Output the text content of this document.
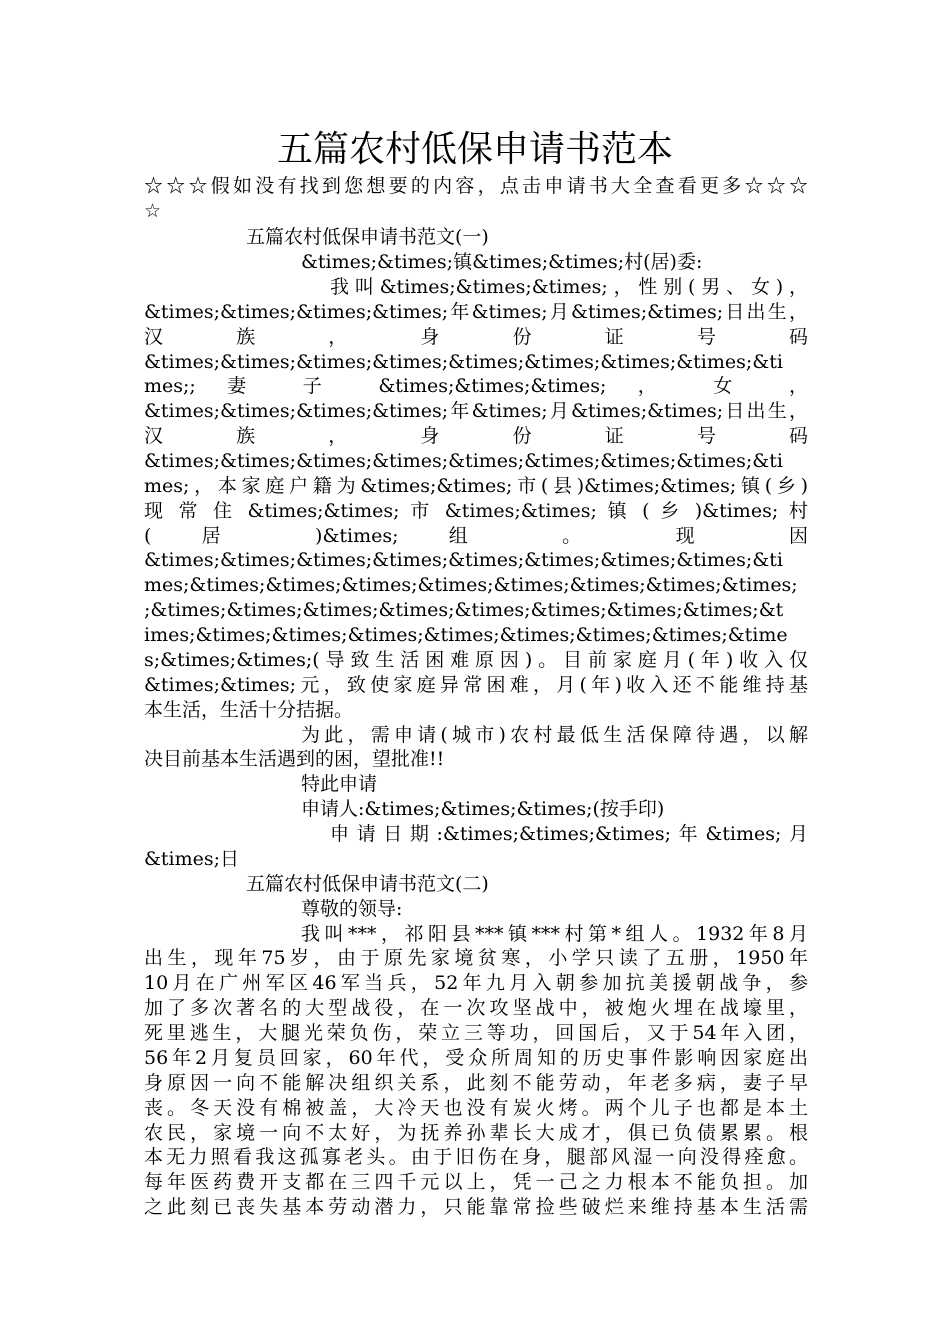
五篇农村低保申请书范本
☆☆☆假如没有找到您想要的内容，点击申请书大全查看更多☆☆☆
☆
五篇农村低保申请书范文(一)
&times;&times;镇&times;&times;村(居)委:
我叫&times;&times;&times;，性别(男、女)，
&times;&times;&times;&times;年&times;月&times;&times;日出生，
汉 族 ， 身 份 证 号 码
&times;&times;&times;&times;&times;&times;&times;&times;&ti
mes;; 妻 子 &times;&times;&times; ， 女 ，
&times;&times;&times;&times;年&times;月&times;&times;日出生，
汉 族 ， 身 份 证 号 码
&times;&times;&times;&times;&times;&times;&times;&times;&ti
mes;，本家庭户籍为&times;&times;市(县)&times;&times;镇(乡)
现 常 住 &times;&times; 市 &times;&times; 镇 ( 乡 )&times; 村
( 居 )&times; 组 。 现 因
&times;&times;&times;&times;&times;&times;&times;&times;&ti
mes;&times;&times;&times;&times;&times;&times;&times;&times;
;&times;&times;&times;&times;&times;&times;&times;&times;&t
imes;&times;&times;&times;&times;&times;&times;&times;&time
s;&times;&times;(导致生活困难原因)。目前家庭月(年)收入仅
&times;&times;元，致使家庭异常困难，月(年)收入还不能维持基
本生活，生活十分拮据。
为此，需申请(城市)农村最低生活保障待遇，以解
决目前基本生活遇到的困，望批准!!
特此申请
申请人:&times;&times;&times;(按手印)
申请日期:&times;&times;&times;年&times;月
&times;日
五篇农村低保申请书范文(二)
尊敬的领导:
我叫***，祁阳县***镇***村第*组人。1932年8月
出生，现年75岁，由于原先家境贫寒，小学只读了五册，1950年
10月在广州军区46军当兵，52年九月入朝参加抗美援朝战争，参
加了多次著名的大型战役，在一次攻坚战中，被炮火埋在战壕里，
死里逃生，大腿光荣负伤，荣立三等功，回国后，又于54年入团，
56年2月复员回家，60年代，受众所周知的历史事件影响因家庭出
身原因一向不能解决组织关系，此刻不能劳动，年老多病，妻子早
丧。冬天没有棉被盖，大冷天也没有炭火烤。两个儿子也都是本土
农民，家境一向不太好，为抚养孙辈长大成才，俱已负债累累。根
本无力照看我这孤寡老头。由于旧伤在身，腿部风湿一向没得痊愈。
每年医药费开支都在三四千元以上，凭一己之力根本不能负担。加
之此刻已丧失基本劳动潜力，只能靠常捡些破烂来维持基本生活需
